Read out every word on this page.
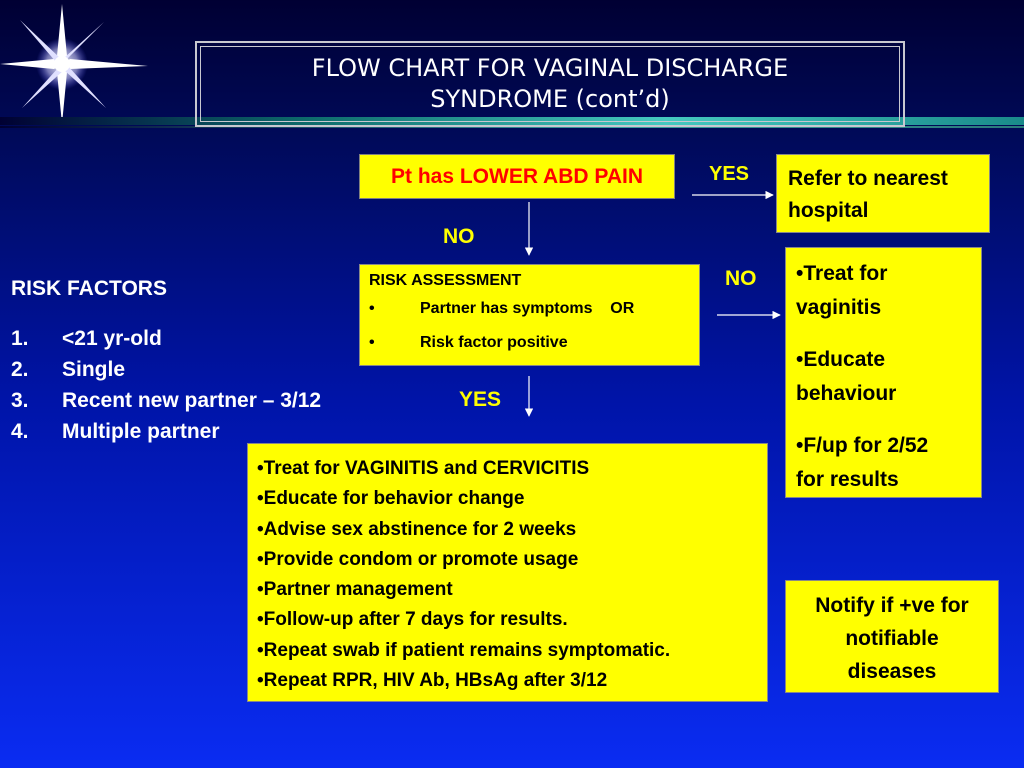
FLOW CHART FOR VAGINAL DISCHARGE
SYNDROME (cont’d)
Pt has LOWER ABD PAIN	YES Refer to nearest
hospital
NO
RISK ASSESSMENT
•	Partner has symptoms    OR
•	Risk factor positive
NO
YES
•Treat for
vaginitis
•Educate
behaviour
•F/up for 2/52
for results
•Treat for VAGINITIS and CERVICITIS
•Educate for behavior change
•Advise sex abstinence for 2 weeks
•Provide condom or promote usage
•Partner management
•Follow-up after 7 days for results.
•Repeat swab if patient remains symptomatic.
•Repeat RPR, HIV Ab, HBsAg after 3/12
Notify if +ve for
notifiable
diseases
RISK FACTORS
1. <21 yr-old
2. Single
3. Recent new partner – 3/12
4. Multiple partner
